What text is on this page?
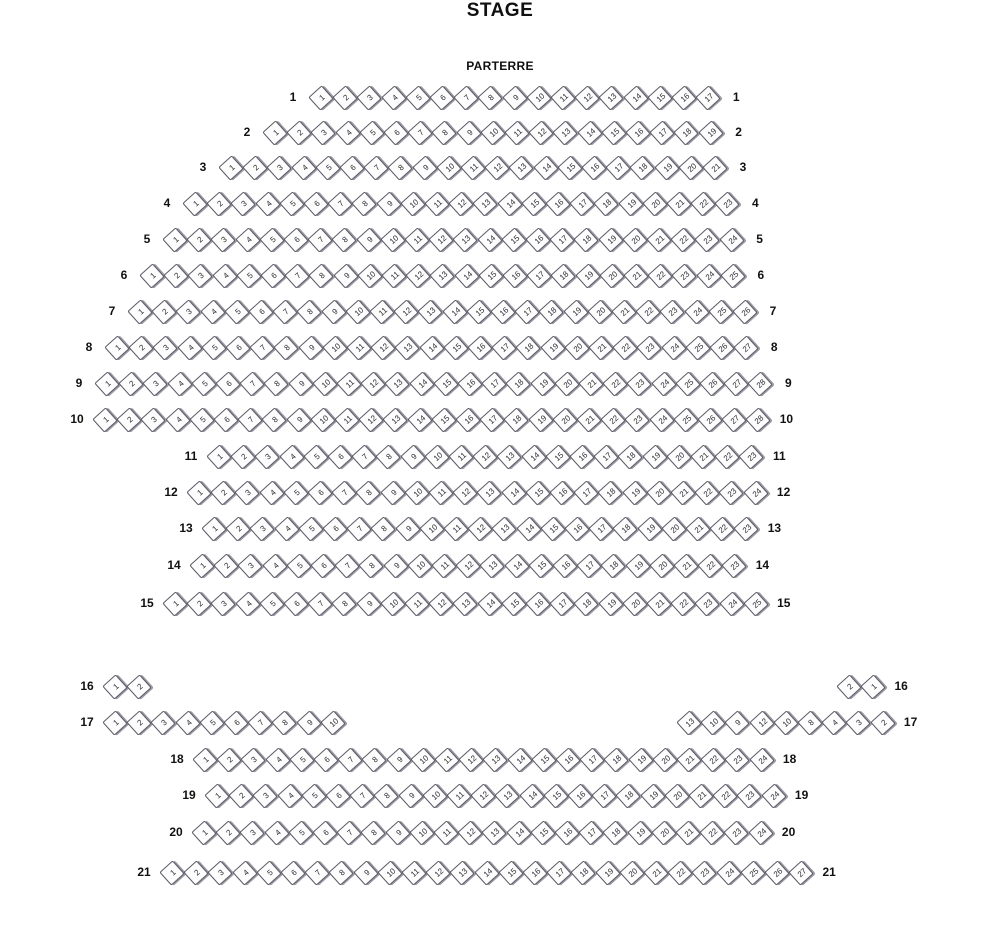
STAGE
PARTERRE
1	2	3	4	5	6	7	8	9	10	11	12	13	14	15	16	17
1	1
1	2	3	4	5	6	7	8	9	10	11	12	13	14	15	16	17	18	19
2	2
1	2	3	4	5	6	7	8	9	10	11	12	13	14	15	16	17	18	19	20	21
3	3
1	2	3	4	5	6	7	8	9	10	11	12	13	14	15	16	17	18	19	20	21	22	23
4	4
1	2	3	4	5	6	7	8	9	10	11	12	13	14	15	16	17	18	19	20	21	22	23	24
5	5
1	2	3	4	5	6	7	8	9	10	11	12	13	14	15	16	17	18	19	20	21	22	23	24	25
6	6
1	2	3	4	5	6	7	8	9	10	11	12	13	14	15	16	17	18	19	20	21	22	23	24	25	26
7	7
1	2	3	4	5	6	7	8	9	10	11	12	13	14	15	16	17	18	19	20	21	22	23	24	25	26	27
8	8
1	2	3	4	5	6	7	8	9	10	11	12	13	14	15	16	17	18	19	20	21	22	23	24	25	26	27	28
9	9
1	2	3	4	5	6	7	8	9	10	11	12	13	14	15	16	17	18	19	20	21	22	23	24	25	26	27	28
10	10
1	2	3	4	5	6	7	8	9	10	11	12	13	14	15	16	17	18	19	20	21	22	23
11	11
1	2	3	4	5	6	7	8	9	10	11	12	13	14	15	16	17	18	19	20	21	22	23	24
12	12
1	2	3	4	5	6	7	8	9	10	11	12	13	14	15	16	17	18	19	20	21	22	23
13	13
1	2	3	4	5	6	7	8	9	10	11	12	13	14	15	16	17	18	19	20	21	22	23
14	14
1	2	3	4	5	6	7	8	9	10	11	12	13	14	15	16	17	18	19	20	21	22	23	24	25
15	15
1	2	2	1
16	16
1	2	3	4	5	6	7	8	9	10	13	10	9	12	10	8	4	3	2
17	17
1	2	3	4	5	6	7	8	9	10	11	12	13	14	15	16	17	18	19	20	21	22	23	24
18	18
1	2	3	4	5	6	7	8	9	10	11	12	13	14	15	16	17	18	19	20	21	22	23	24
19	19
1	2	3	4	5	6	7	8	9	10	11	12	13	14	15	16	17	18	19	20	21	22	23	24
20	20
1	2	3	4	5	6	7	8	9	10	11	12	13	14	15	16	17	18	19	20	21	22	23	24	25	26	27
21	21
